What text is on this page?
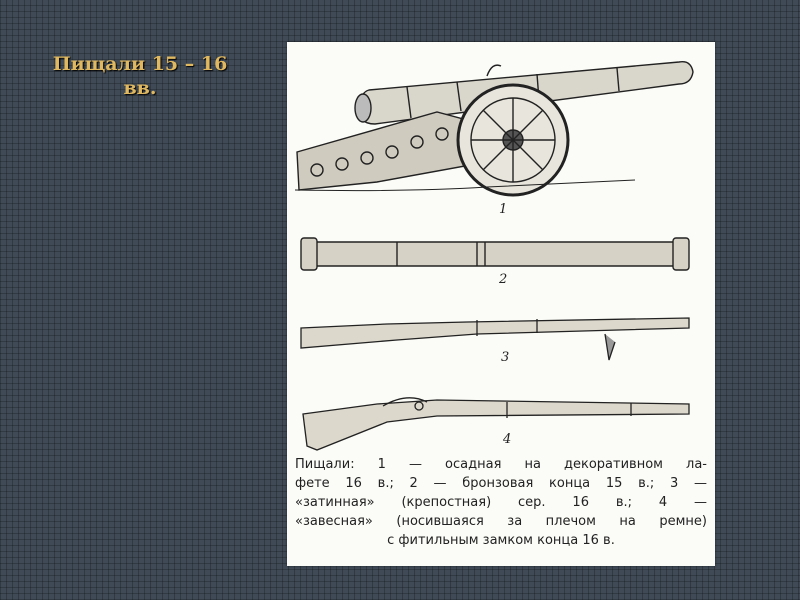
Пищали 15 – 16
вв.
1
2
3
4
Пищали: 1 — осадная на декоративном ла-
фете 16 в.; 2 — бронзовая конца 15 в.; 3 —
«затинная» (крепостная) сер. 16 в.; 4 —
«завесная» (носившаяся за плечом на ремне)
с фитильным замком конца 16 в.
